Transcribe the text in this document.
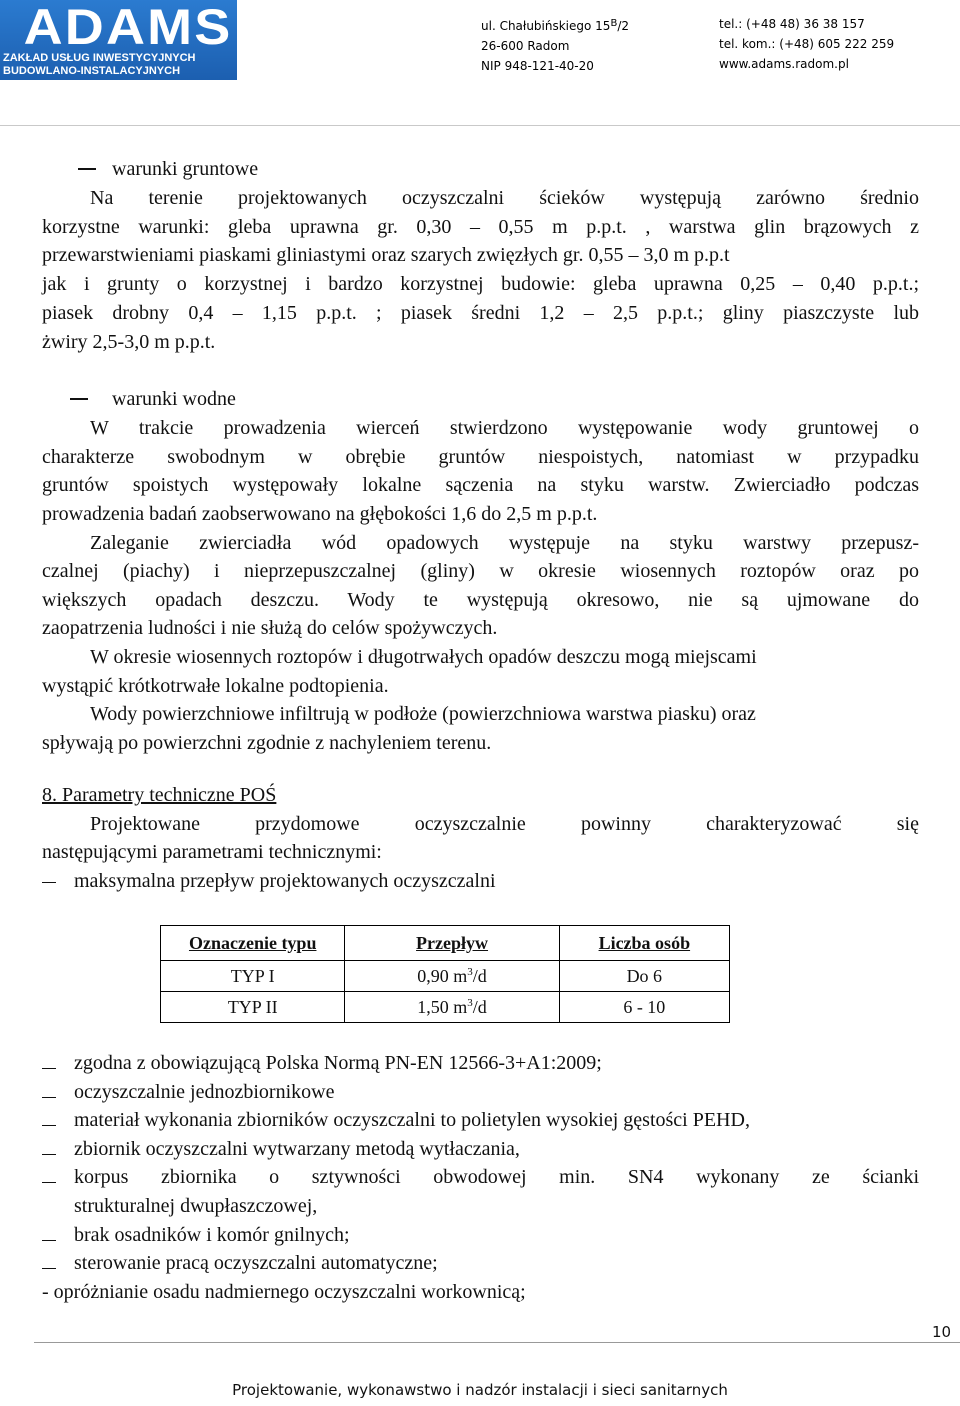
ADAMS
ZAKŁAD USŁUG INWESTYCYJNYCH
BUDOWLANO-INSTALACYJNYCH
ul. Chałubińskiego $15^B/2$
26-600 Radom
NIP 948-121-40-20
tel.: (+48 48) 36 38 157
tel. kom.: (+48) 605 222 259
www.adams.radom.pl
warunki gruntowe
Na terenie projektowanych oczyszczalni ścieków występują zarówno średnio
korzystne warunki: gleba uprawna gr. 0,30 – 0,55 m p.p.t. , warstwa glin brązowych z
przewarstwieniami piaskami gliniastymi oraz szarych zwięzłych gr. 0,55 – 3,0 m p.p.t
jak i grunty o korzystnej i bardzo korzystnej budowie: gleba uprawna 0,25 – 0,40 p.p.t.;
piasek drobny 0,4 – 1,15 p.p.t. ; piasek średni 1,2 – 2,5 p.p.t.; gliny piaszczyste lub
żwiry 2,5-3,0 m p.p.t.
warunki wodne
W trakcie prowadzenia wierceń stwierdzono występowanie wody gruntowej o
charakterze swobodnym w obrębie gruntów niespoistych, natomiast w przypadku
gruntów spoistych występowały lokalne sączenia na styku warstw. Zwierciadło podczas
prowadzenia badań zaobserwowano na głębokości 1,6 do 2,5 m p.p.t.
Zaleganie zwierciadła wód opadowych występuje na styku warstwy przepusz-
czalnej (piachy) i nieprzepuszczalnej (gliny) w okresie wiosennych roztopów oraz po
większych opadach deszczu. Wody te występują okresowo, nie są ujmowane do
zaopatrzenia ludności i nie służą do celów spożywczych.
W okresie wiosennych roztopów i długotrwałych opadów deszczu mogą miejscami
wystąpić krótkotrwałe lokalne podtopienia.
Wody powierzchniowe infiltrują w podłoże (powierzchniowa warstwa piasku) oraz
spływają po powierzchni zgodnie z nachyleniem terenu.
8. Parametry techniczne POŚ
Projektowane przydomowe oczyszczalnie powinny charakteryzować się
następującymi parametrami technicznymi:
maksymalna przepływ projektowanych oczyszczalni
Oznaczenie typu	Przepływ	Liczba osób
TYP I	0,90 $m^3/d$	Do 6
TYP II	1,50 $m^3/d$	6 - 10
zgodna z obowiązującą Polska Normą PN-EN 12566-3+A1:2009;
oczyszczalnie jednozbiornikowe
materiał wykonania zbiorników oczyszczalni to polietylen wysokiej gęstości PEHD,
zbiornik oczyszczalni wytwarzany metodą wytłaczania,
korpus zbiornika o sztywności obwodowej min. SN4 wykonany ze ścianki
strukturalnej dwupłaszczowej,
brak osadników i komór gnilnych;
sterowanie pracą oczyszczalni automatyczne;
- opróżnianie osadu nadmiernego oczyszczalni workownicą;
10
Projektowanie, wykonawstwo i nadzór instalacji i sieci sanitarnych
